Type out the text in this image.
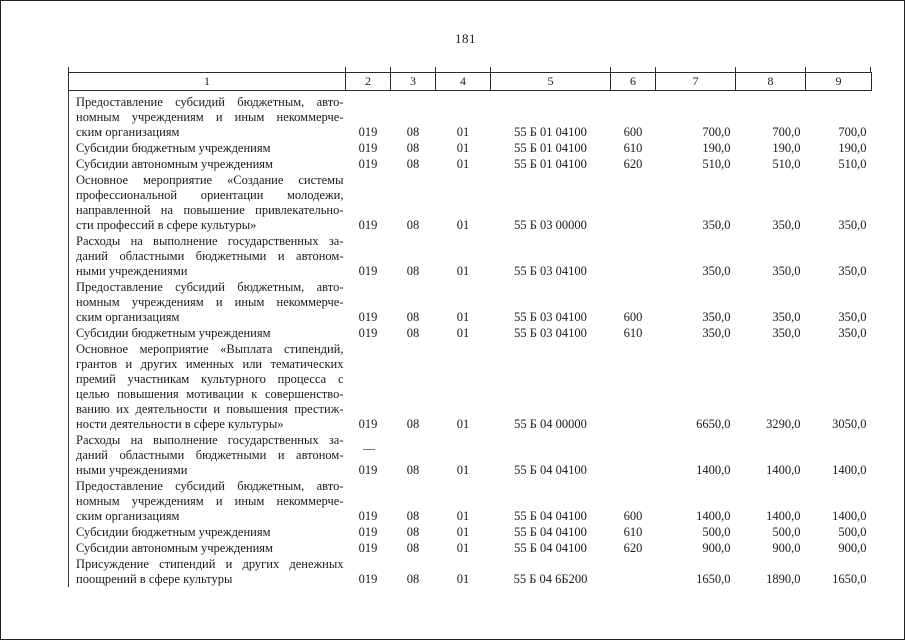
181
—
1	2	3	4	5	6	7	8	9

Предоставление субсидий бюджетным, авто-
номным учреждениям и иным некоммерче-
ским организациям	019	08	01	55 Б 01 04100	600	700,0	700,0	700,0

Субсидии бюджетным учреждениям	019	08	01	55 Б 01 04100	610	190,0	190,0	190,0

Субсидии автономным учреждениям	019	08	01	55 Б 01 04100	620	510,0	510,0	510,0

Основное мероприятие «Создание системы
профессиональной ориентации молодежи,
направленной на повышение привлекательно-
сти профессий в сфере культуры»	019	08	01	55 Б 03 00000		350,0	350,0	350,0

Расходы на выполнение государственных за-
даний областными бюджетными и автоном-
ными учреждениями	019	08	01	55 Б 03 04100		350,0	350,0	350,0

Предоставление субсидий бюджетным, авто-
номным учреждениям и иным некоммерче-
ским организациям	019	08	01	55 Б 03 04100	600	350,0	350,0	350,0

Субсидии бюджетным учреждениям	019	08	01	55 Б 03 04100	610	350,0	350,0	350,0

Основное мероприятие «Выплата стипендий,
грантов и других именных или тематических
премий участникам культурного процесса с
целью повышения мотивации к совершенство-
ванию их деятельности и повышения престиж-
ности деятельности в сфере культуры»	019	08	01	55 Б 04 00000		6650,0	3290,0	3050,0

Расходы на выполнение государственных за-
даний областными бюджетными и автоном-
ными учреждениями	019	08	01	55 Б 04 04100		1400,0	1400,0	1400,0

Предоставление субсидий бюджетным, авто-
номным учреждениям и иным некоммерче-
ским организациям	019	08	01	55 Б 04 04100	600	1400,0	1400,0	1400,0

Субсидии бюджетным учреждениям	019	08	01	55 Б 04 04100	610	500,0	500,0	500,0

Субсидии автономным учреждениям	019	08	01	55 Б 04 04100	620	900,0	900,0	900,0

Присуждение стипендий и других денежных
поощрений в сфере культуры	019	08	01	55 Б 04 6Б200		1650,0	1890,0	1650,0
